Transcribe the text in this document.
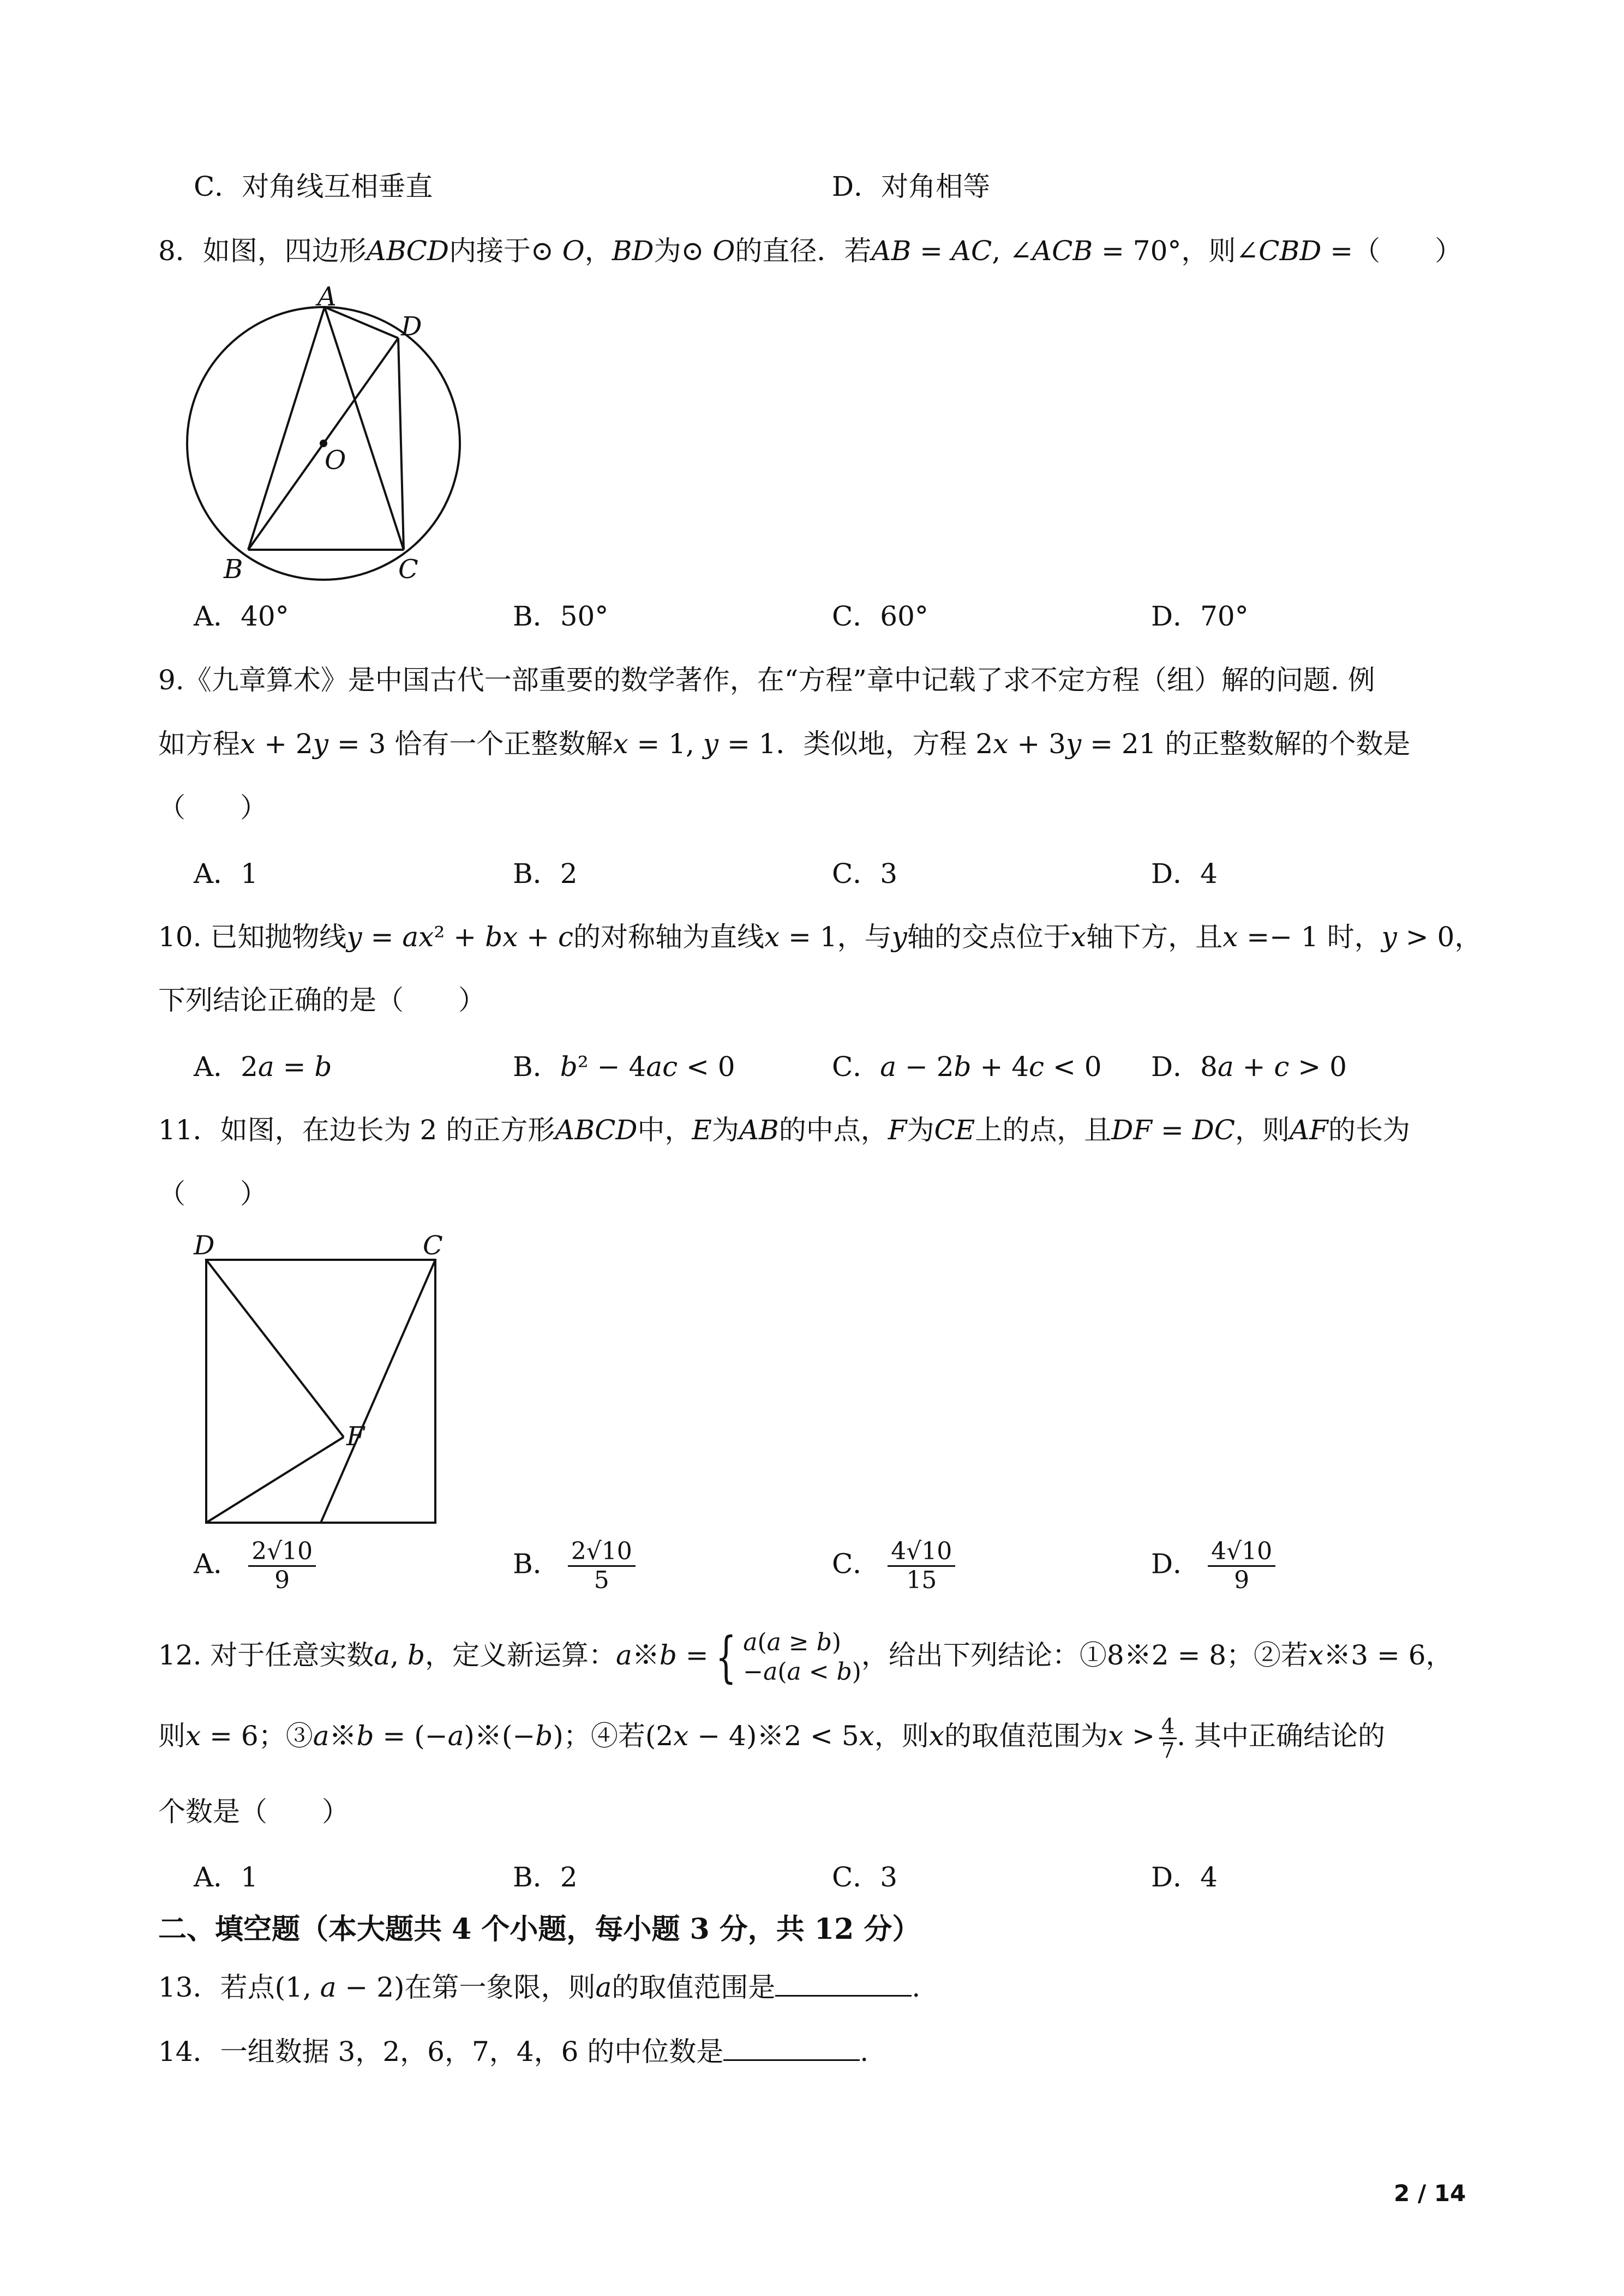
C．对角线互相垂直	D．对角相等
8．如图，四边形𝐴𝐵𝐶𝐷内接于⊙ 𝑂，𝐵𝐷为⊙ 𝑂的直径．若𝐴𝐵 = 𝐴𝐶, ∠𝐴𝐶𝐵 = 70°，则∠𝐶𝐵𝐷 =（　　）
A
D
O
B	C
A．40°	B．50°	C．60°	D．70°
9.《九章算术》是中国古代一部重要的数学著作，在“方程”章中记载了求不定方程（组）解的问题. 例
如方程𝑥 + 2𝑦 = 3 恰有一个正整数解𝑥 = 1, 𝑦 = 1．类似地，方程 2𝑥 + 3𝑦 = 21 的正整数解的个数是
（　　）
A．1	B．2	C．3	D．4
10. 已知抛物线𝑦 = 𝑎𝑥² + 𝑏𝑥 + 𝑐的对称轴为直线𝑥 = 1，与𝑦轴的交点位于𝑥轴下方，且𝑥 =− 1 时，𝑦 > 0，
下列结论正确的是（　　）
A．2𝑎 = 𝑏	B．𝑏² − 4𝑎𝑐 < 0	C．𝑎 − 2𝑏 + 4𝑐 < 0 D．8𝑎 + 𝑐 > 0
11．如图，在边长为 2 的正方形𝐴𝐵𝐶𝐷中，𝐸为𝐴𝐵的中点，𝐹为𝐶𝐸上的点，且𝐷𝐹 = 𝐷𝐶，则𝐴𝐹的长为
（　　）
D	C
F
A． $\frac{2√10}{9}$	B． $\frac{2√10}{5}$	C． $\frac{4√10}{15}$	D． $\frac{4√10}{9}$
12. 对于任意实数𝑎, 𝑏，定义新运算：𝑎※𝑏 = { 𝑎(𝑎 ≥ 𝑏)
−𝑎(𝑎 < 𝑏)
，给出下列结论：①8※2 = 8；②若𝑥※3 = 6，
则𝑥 = 6；③𝑎※𝑏 = (−𝑎)※(−𝑏)；④若(2𝑥 − 4)※2 < 5𝑥，则𝑥的取值范围为𝑥 > $\frac{4}{7}$ . 其中正确结论的
个数是（　　）
A．1	B．2	C．3	D．4
二、填空题（本大题共 4 个小题，每小题 3 分，共 12 分）
13．若点(1, 𝑎 − 2)在第一象限，则𝑎的取值范围是	.
14．一组数据 3，2，6，7，4，6 的中位数是	.
2 / 14
